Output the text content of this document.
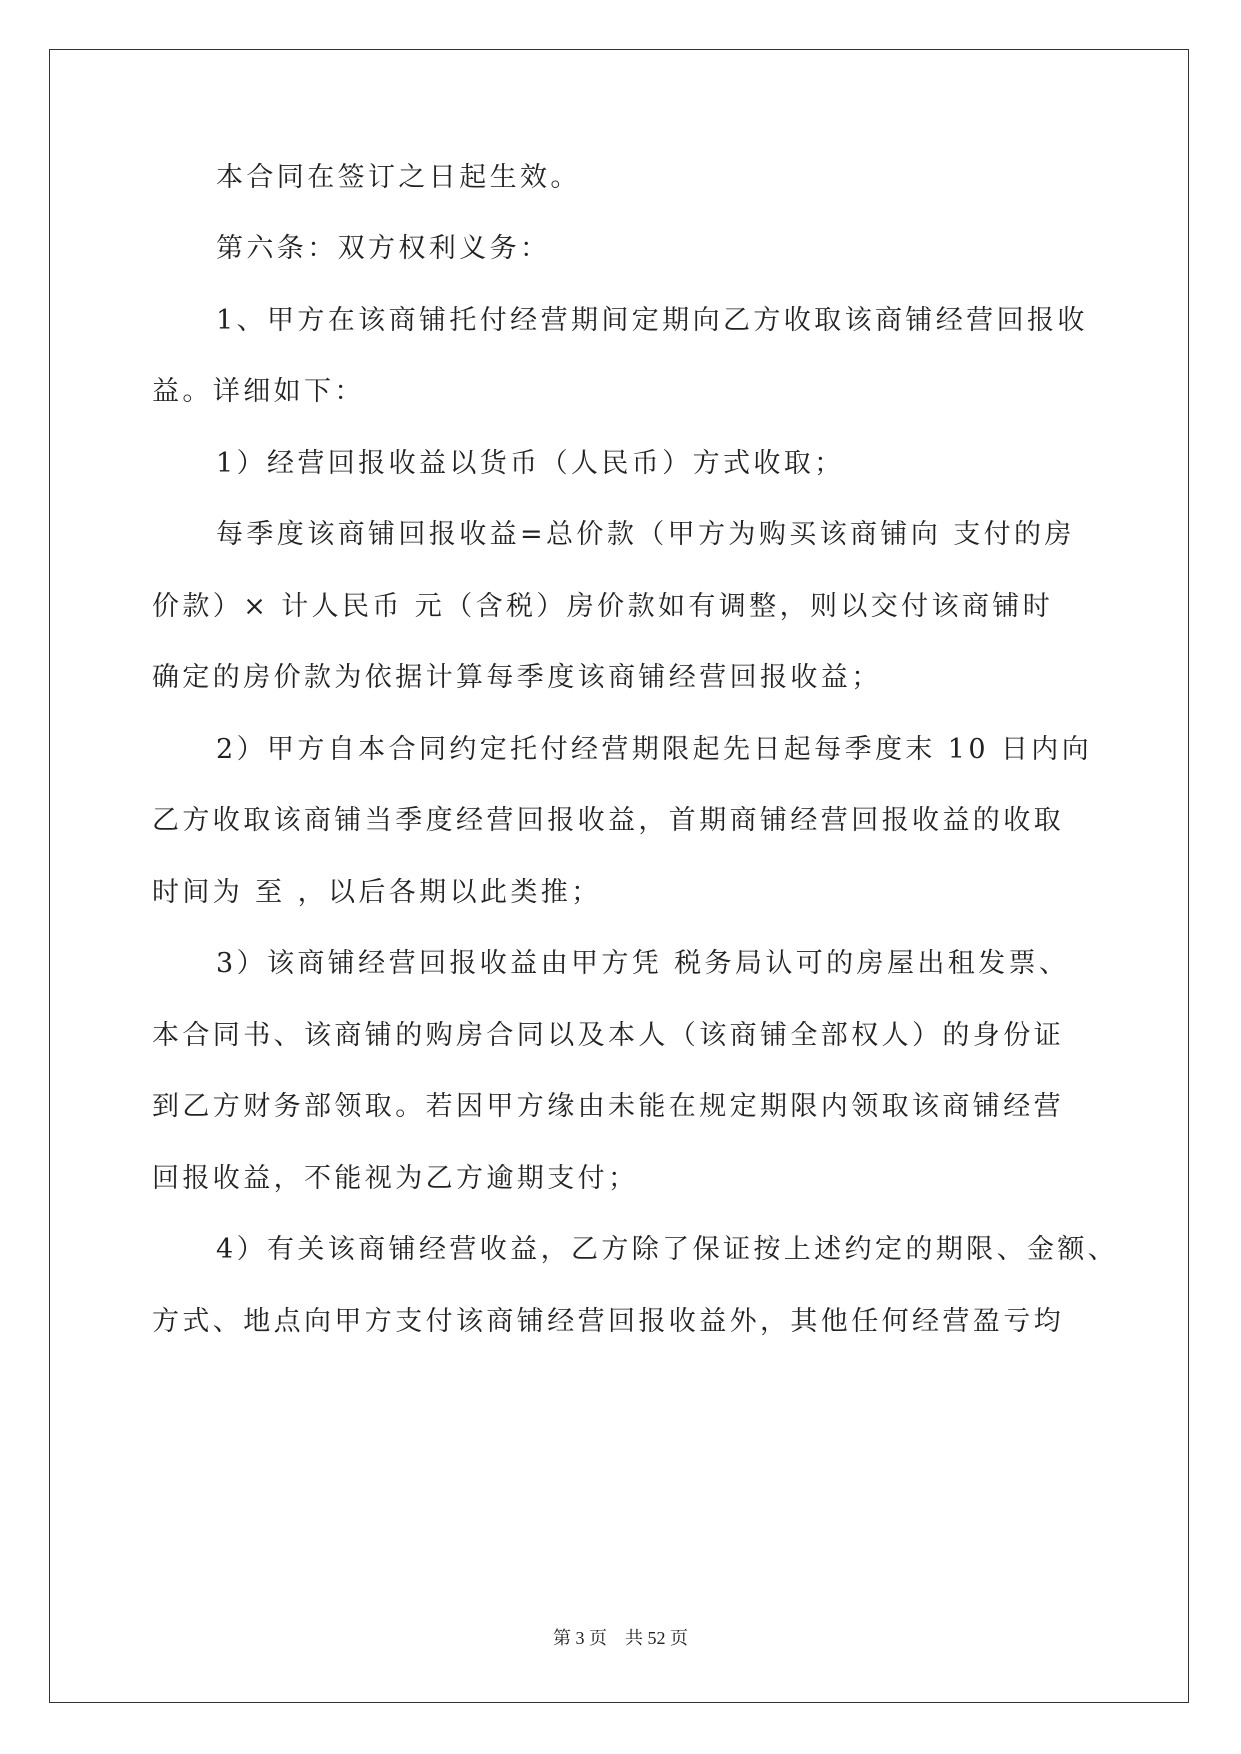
本合同在签订之日起生效。
第六条：双方权利义务：
1、甲方在该商铺托付经营期间定期向乙方收取该商铺经营回报收
益。详细如下：
1）经营回报收益以货币（人民币）方式收取；
每季度该商铺回报收益=总价款（甲方为购买该商铺向 支付的房
价款）× 计人民币 元（含税）房价款如有调整，则以交付该商铺时
确定的房价款为依据计算每季度该商铺经营回报收益；
2）甲方自本合同约定托付经营期限起先日起每季度末 10 日内向
乙方收取该商铺当季度经营回报收益，首期商铺经营回报收益的收取
时间为 至 ，以后各期以此类推；
3）该商铺经营回报收益由甲方凭 税务局认可的房屋出租发票、
本合同书、该商铺的购房合同以及本人（该商铺全部权人）的身份证
到乙方财务部领取。若因甲方缘由未能在规定期限内领取该商铺经营
回报收益，不能视为乙方逾期支付；
4）有关该商铺经营收益，乙方除了保证按上述约定的期限、金额、
方式、地点向甲方支付该商铺经营回报收益外，其他任何经营盈亏均
第 3 页 共 52 页
